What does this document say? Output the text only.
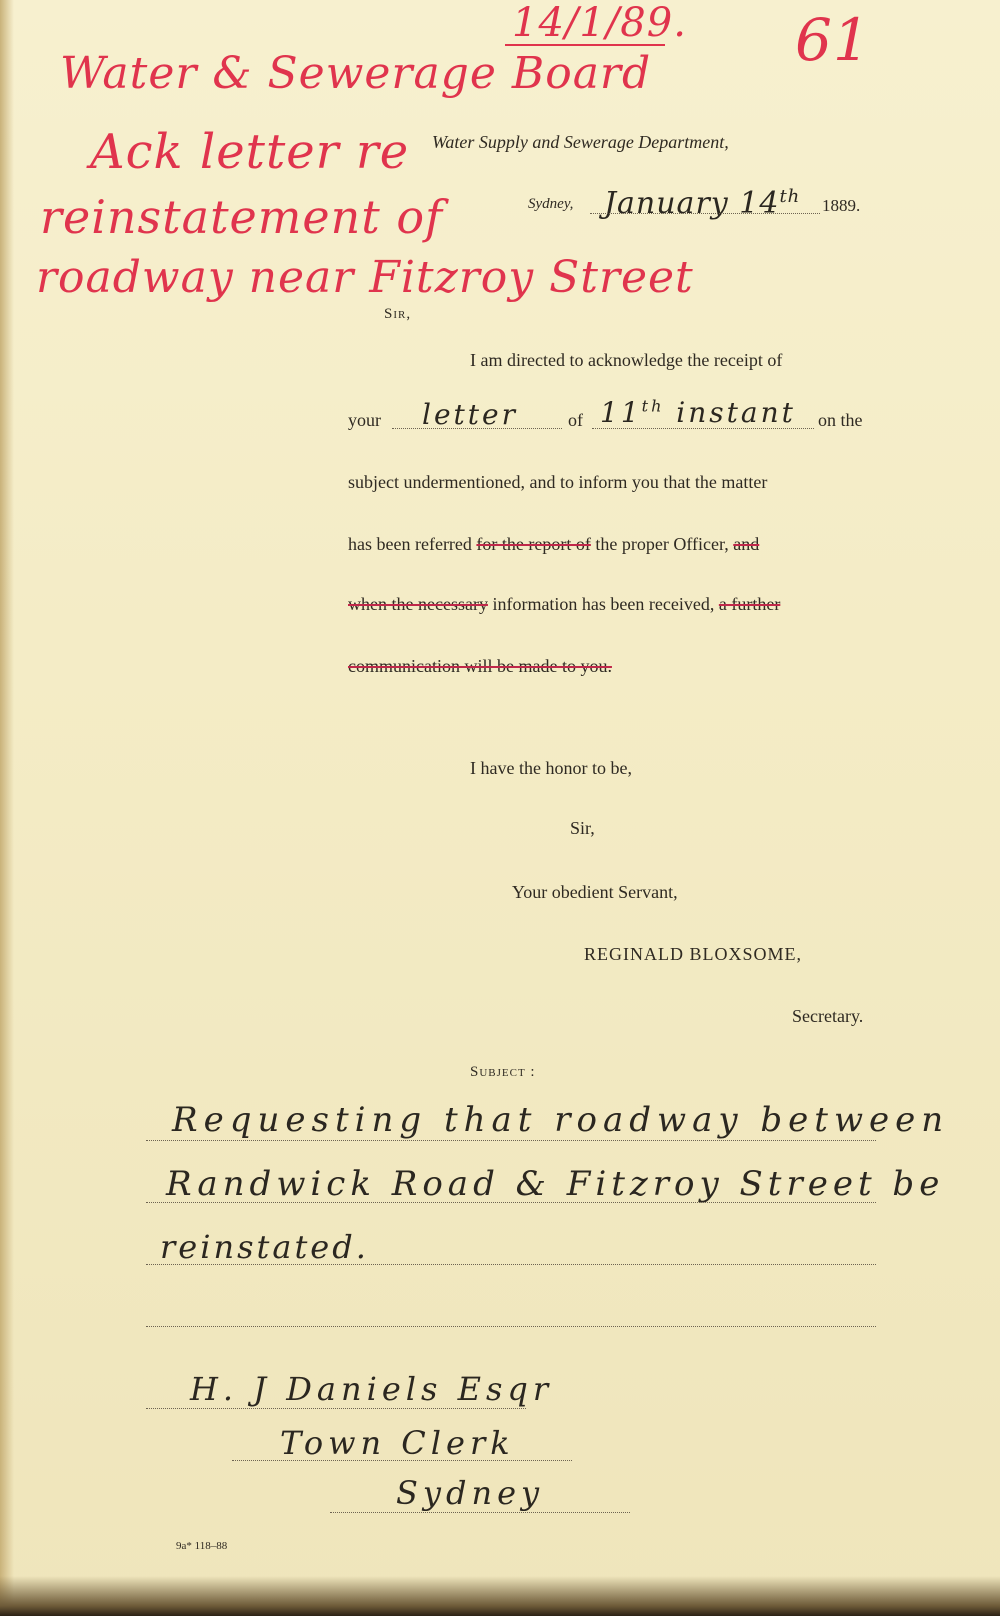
14/1/89. 61
Water & Sewerage Board
Ack letter re
reinstatement of
roadway near Fitzroy Street
Water Supply and Sewerage Department,
Sydney, January 14th 1889.
Sir,
I am directed to acknowledge the receipt of
your letter	of 11th instant on the
subject undermentioned, and to inform you that the matter
has been referred for the report of the proper Officer, and
when the necessary information has been received, a further
communication will be made to you.
I have the honor to be,
Sir,
Your obedient Servant,
REGINALD BLOXSOME,
Secretary.
Subject :
Requesting that roadway between
Randwick Road & Fitzroy Street be
reinstated.
H. J Daniels Esqr
Town Clerk
Sydney
9a* 118–88
